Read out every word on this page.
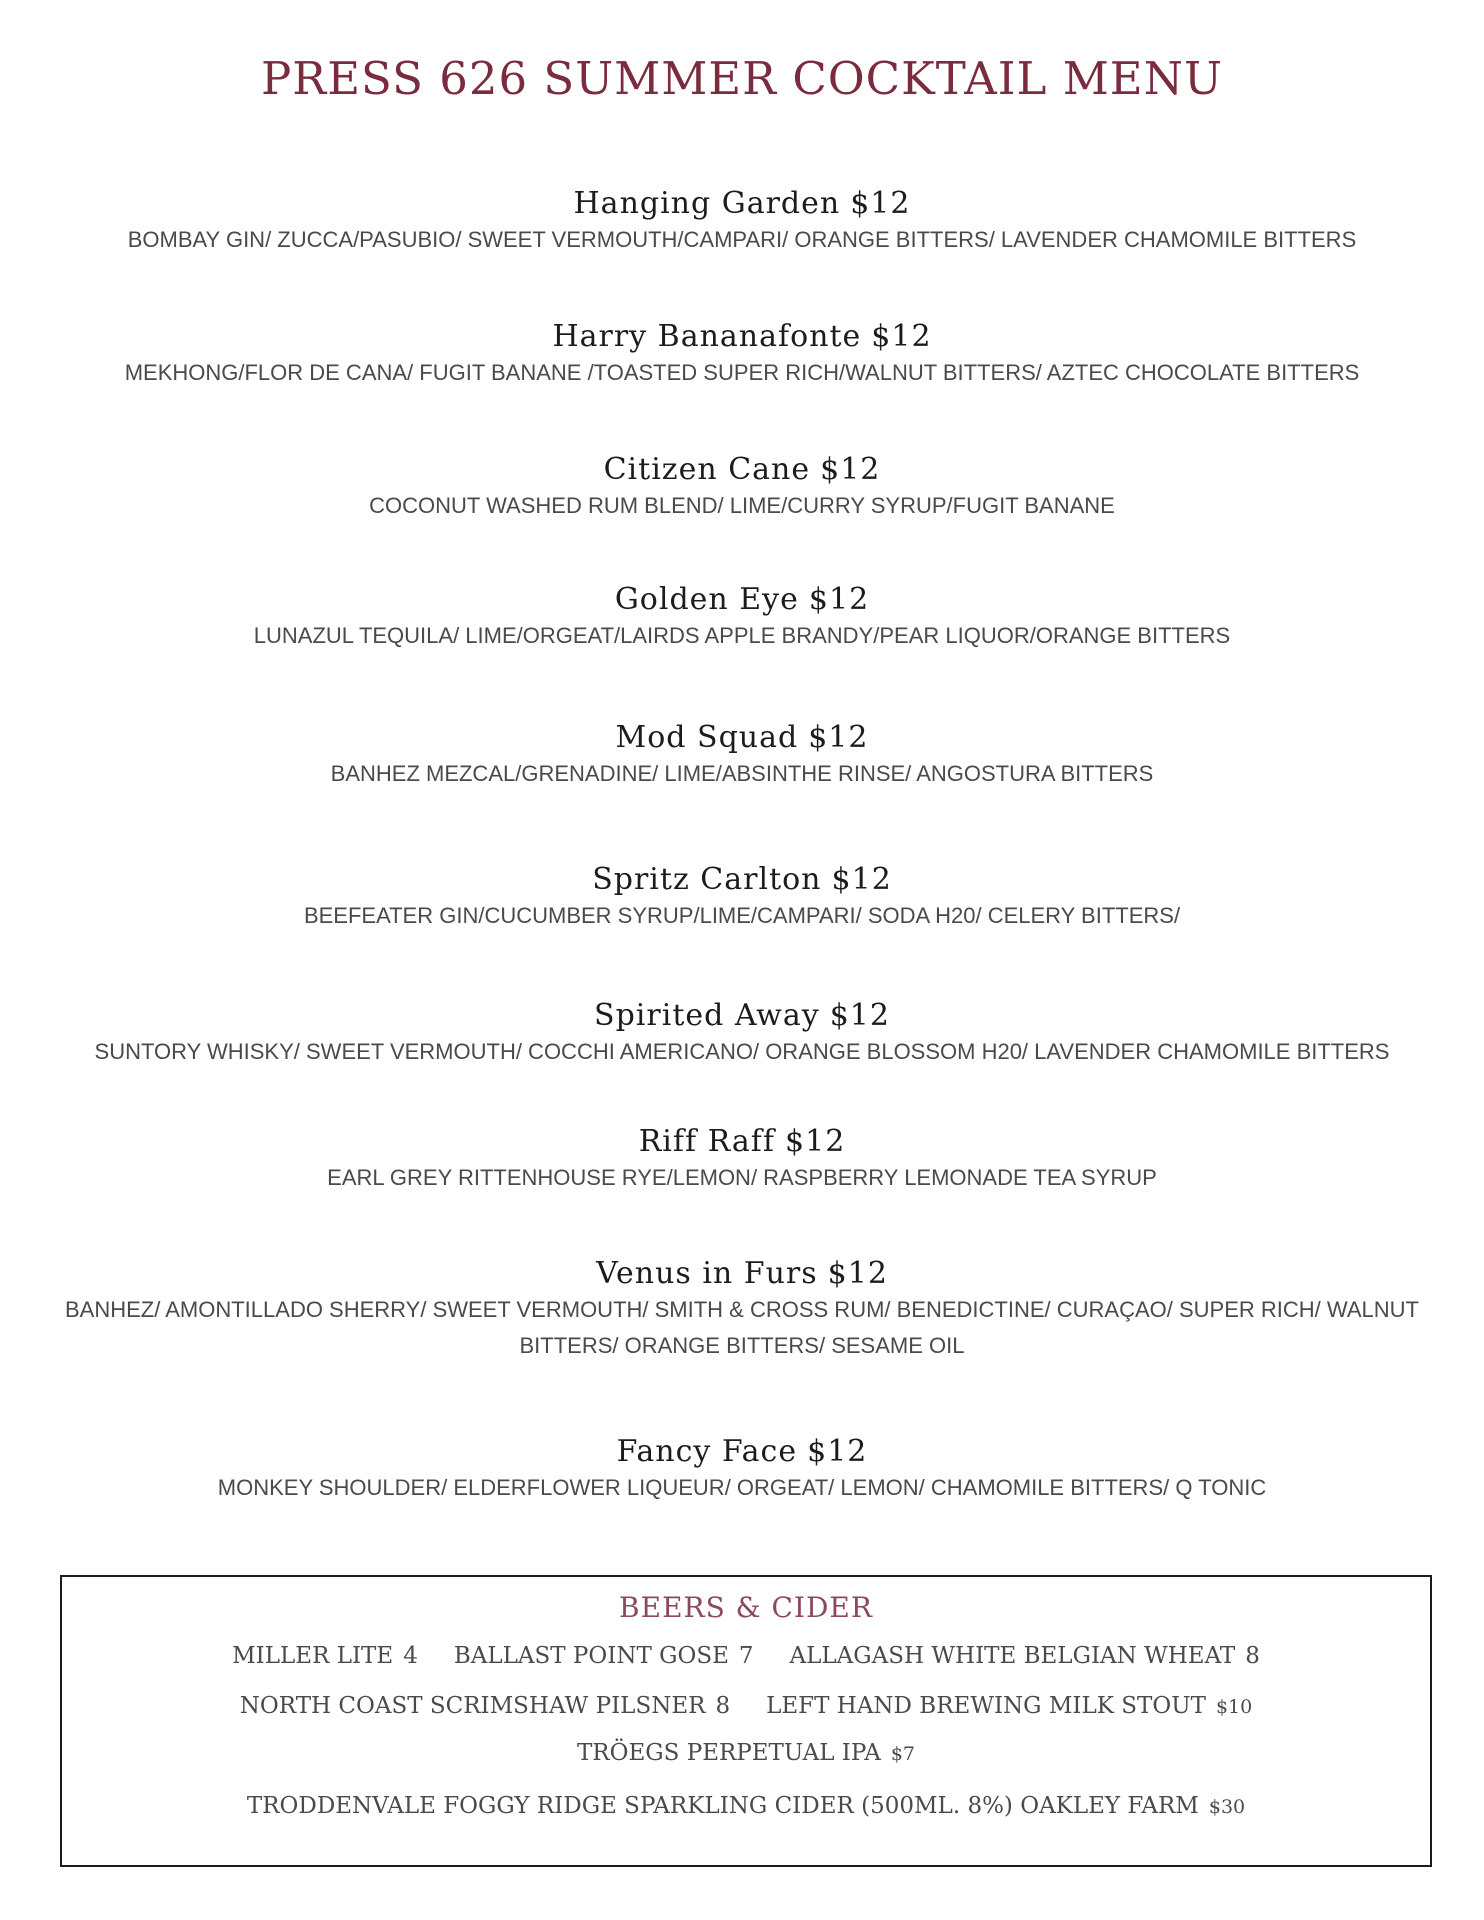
PRESS 626 SUMMER COCKTAIL MENU
Hanging Garden $12
BOMBAY GIN/ ZUCCA/PASUBIO/ SWEET VERMOUTH/CAMPARI/ ORANGE BITTERS/ LAVENDER CHAMOMILE BITTERS
Harry Bananafonte $12
MEKHONG/FLOR DE CANA/ FUGIT BANANE /TOASTED SUPER RICH/WALNUT BITTERS/ AZTEC CHOCOLATE BITTERS
Citizen Cane $12
COCONUT WASHED RUM BLEND/ LIME/CURRY SYRUP/FUGIT BANANE
Golden Eye $12
LUNAZUL TEQUILA/ LIME/ORGEAT/LAIRDS APPLE BRANDY/PEAR LIQUOR/ORANGE BITTERS
Mod Squad $12
BANHEZ MEZCAL/GRENADINE/ LIME/ABSINTHE RINSE/ ANGOSTURA BITTERS
Spritz Carlton $12
BEEFEATER GIN/CUCUMBER SYRUP/LIME/CAMPARI/ SODA H20/ CELERY BITTERS/
Spirited Away $12
SUNTORY WHISKY/ SWEET VERMOUTH/ COCCHI AMERICANO/ ORANGE BLOSSOM H20/ LAVENDER CHAMOMILE BITTERS
Riff Raff $12
EARL GREY RITTENHOUSE RYE/LEMON/ RASPBERRY LEMONADE TEA SYRUP
Venus in Furs $12
BANHEZ/ AMONTILLADO SHERRY/ SWEET VERMOUTH/ SMITH & CROSS RUM/ BENEDICTINE/ CURAÇAO/ SUPER RICH/ WALNUT BITTERS/ ORANGE BITTERS/ SESAME OIL
Fancy Face $12
MONKEY SHOULDER/ ELDERFLOWER LIQUEUR/ ORGEAT/ LEMON/ CHAMOMILE BITTERS/ Q TONIC
BEERS & CIDER
MILLER LITE 4 BALLAST POINT GOSE 7 ALLAGASH WHITE BELGIAN WHEAT 8
NORTH COAST SCRIMSHAW PILSNER 8 LEFT HAND BREWING MILK STOUT $10
TRÖEGS PERPETUAL IPA $7
TRODDENVALE FOGGY RIDGE SPARKLING CIDER (500ML. 8%) OAKLEY FARM $30
